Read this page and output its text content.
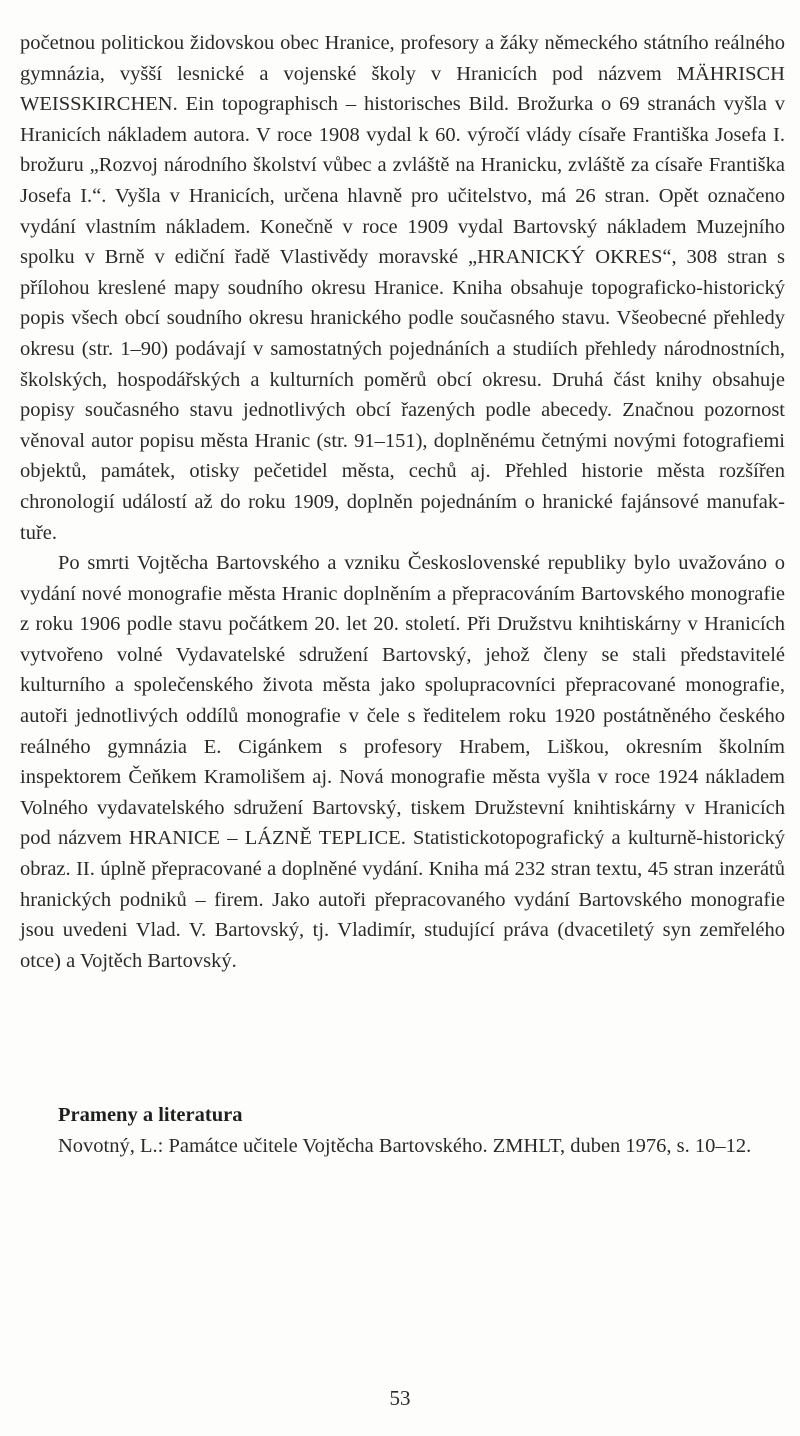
početnou politickou židovskou obec Hranice, profesory a žáky německého státního reálného gymnázia, vyšší lesnické a vojenské školy v Hranicích pod názvem MÄHRISCH WEISSKIRCHEN. Ein topographisch – historisches Bild. Brožurka o 69 stranách vyšla v Hranicích nákladem autora. V roce 1908 vydal k 60. výročí vlády císaře Františka Josefa I. brožuru „Rozvoj národního školství vůbec a zvláště na Hranicku, zvláště za císaře Františka Josefa I.“. Vyšla v Hranicích, určena hlavně pro učitelstvo, má 26 stran. Opět označeno vydání vlastním nákladem. Konečně v roce 1909 vydal Bartovský nákladem Muzejního spolku v Brně v ediční řadě Vlastivědy moravské „HRANICKÝ OKRES“, 308 stran s přílohou kreslené mapy soudního okresu Hranice. Kniha obsahuje topograficko-historický popis všech obcí soudního okresu hranického podle současného stavu. Všeobecné přehledy okresu (str. 1–90) podávají v samostatných pojednáních a studiích přehledy národnostních, školských, hospodářských a kulturních poměrů obcí okresu. Druhá část knihy obsahuje popisy současného stavu jednotlivých obcí řazených podle abecedy. Značnou pozornost věnoval autor popisu města Hranic (str. 91–151), doplněnému četnými novými fotografiemi objektů, památek, otisky pečetidel města, cechů aj. Přehled historie města rozšířen chronologií událostí až do roku 1909, doplněn pojednáním o hranické fajánsové manufaktuře.

Po smrti Vojtěcha Bartovského a vzniku Československé republiky bylo uvažováno o vydání nové monografie města Hranic doplněním a přepracováním Bartovského monografie z roku 1906 podle stavu počátkem 20. let 20. století. Při Družstvu knihtiskárny v Hranicích vytvořeno volné Vydavatelské sdružení Bartovský, jehož členy se stali představitelé kulturního a společenského života města jako spolupracovníci přepracované monografie, autoři jednotlivých oddílů monografie v čele s ředitelem roku 1920 postátněného českého reálného gymnázia E. Cigánkem s profesory Hrabem, Liškou, okresním školním inspektorem Čeňkem Kramolišem aj. Nová monografie města vyšla v roce 1924 nákladem Volného vydavatelského sdružení Bartovský, tiskem Družstevní knihtiskárny v Hranicích pod názvem HRANICE – LÁZNĚ TEPLICE. Statistickotopografický a kulturně-historický obraz. II. úplně přepracované a doplněné vydání. Kniha má 232 stran textu, 45 stran inzerátů hranických podniků – firem. Jako autoři přepracovaného vydání Bartovského monografie jsou uvedeni Vlad. V. Bartovský, tj. Vladimír, studující práva (dvacetiletý syn zemřelého otce) a Vojtěch Bartovský.

Prameny a literatura

Novotný, L.: Památce učitele Vojtěcha Bartovského. ZMHLT, duben 1976, s. 10–12.

53
